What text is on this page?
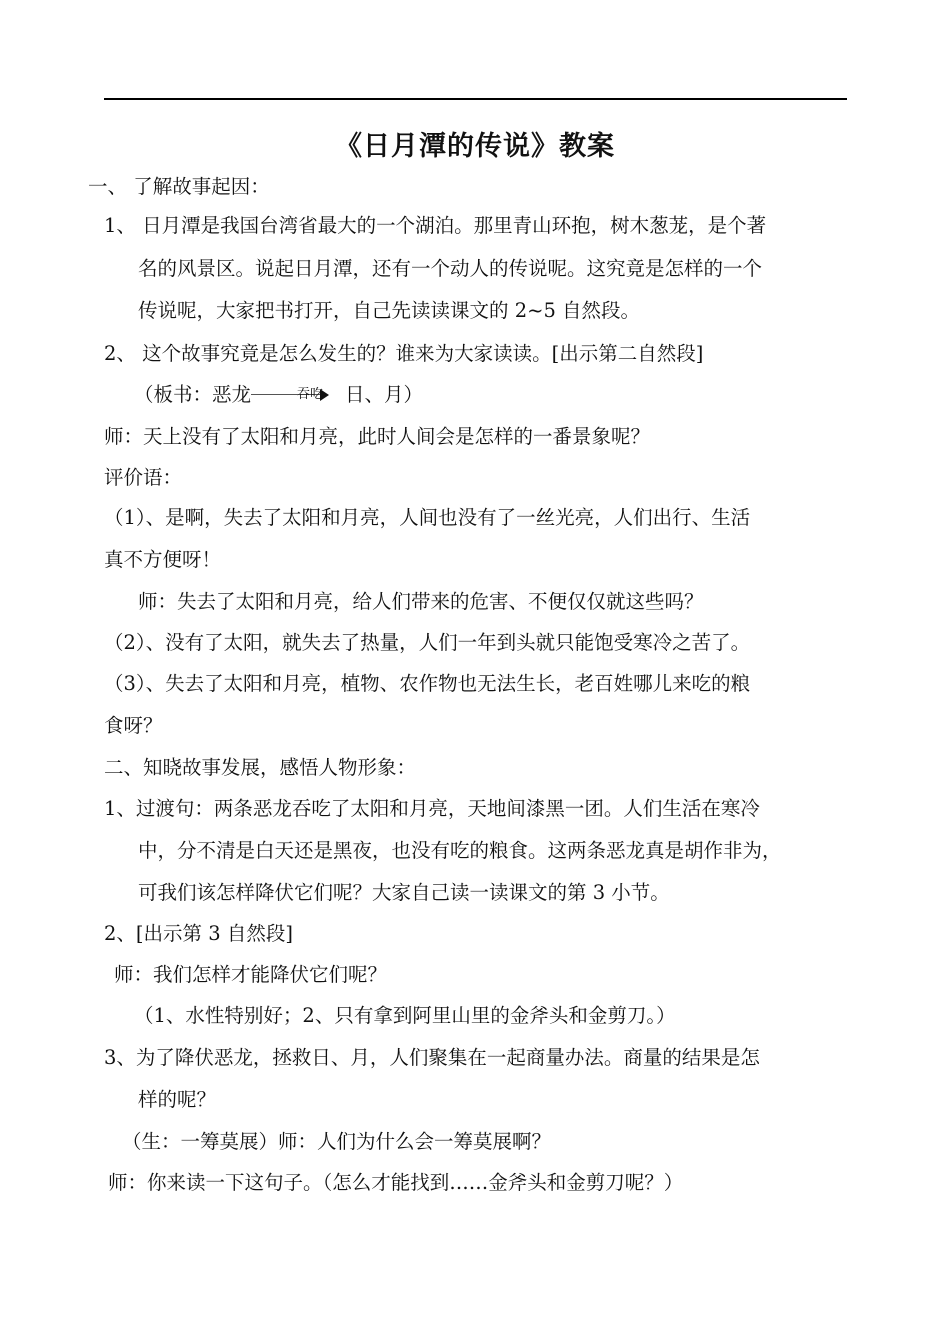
《日月潭的传说》教案
一、 了解故事起因：
1、 日月潭是我国台湾省最大的一个湖泊。那里青山环抱，树木葱茏，是个著
名的风景区。说起日月潭，还有一个动人的传说呢。这究竟是怎样的一个
传说呢，大家把书打开，自己先读读课文的 2~5 自然段。
2、 这个故事究竟是怎么发生的？谁来为大家读读。[出示第二自然段]
（板书：恶龙	吞吃 日、月）
师：天上没有了太阳和月亮，此时人间会是怎样的一番景象呢？
评价语：
（1）、是啊，失去了太阳和月亮，人间也没有了一丝光亮，人们出行、生活
真不方便呀！
师：失去了太阳和月亮，给人们带来的危害、不便仅仅就这些吗？
（2）、没有了太阳，就失去了热量，人们一年到头就只能饱受寒冷之苦了。
（3）、失去了太阳和月亮，植物、农作物也无法生长，老百姓哪儿来吃的粮
食呀？
二、知晓故事发展，感悟人物形象：
1、过渡句：两条恶龙吞吃了太阳和月亮，天地间漆黑一团。人们生活在寒冷
中，分不清是白天还是黑夜，也没有吃的粮食。这两条恶龙真是胡作非为，
可我们该怎样降伏它们呢？大家自己读一读课文的第 3 小节。
2、[出示第 3 自然段]
师：我们怎样才能降伏它们呢？
（1、水性特别好；2、只有拿到阿里山里的金斧头和金剪刀。）
3、为了降伏恶龙，拯救日、月，人们聚集在一起商量办法。商量的结果是怎
样的呢？
（生：一筹莫展）师：人们为什么会一筹莫展啊？
师：你来读一下这句子。（怎么才能找到……金斧头和金剪刀呢？）
